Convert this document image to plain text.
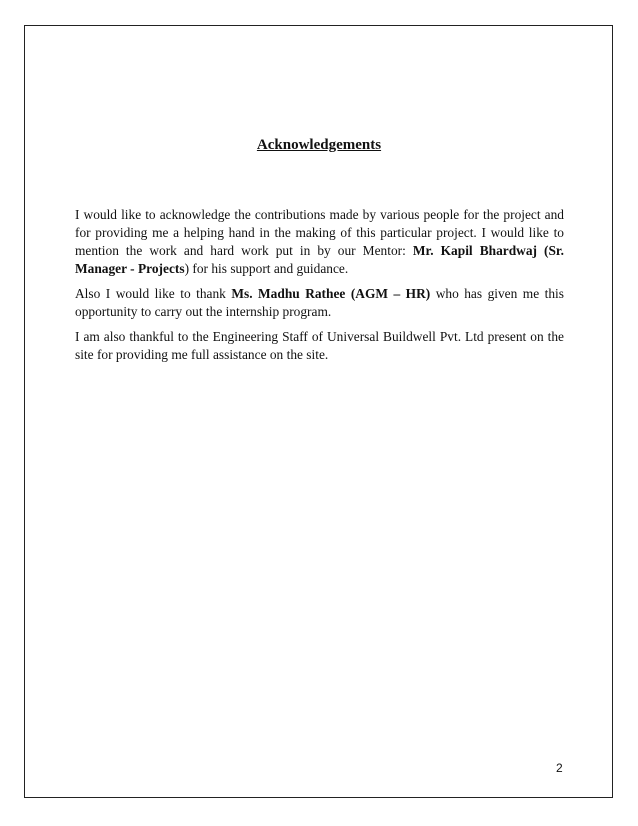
Acknowledgements

I would like to acknowledge the contributions made by various people for the project and for providing me a helping hand in the making of this particular project. I would like to mention the work and hard work put in by our Mentor: Mr. Kapil Bhardwaj (Sr. Manager - Projects) for his support and guidance.

Also I would like to thank Ms. Madhu Rathee (AGM – HR) who has given me this opportunity to carry out the internship program.

I am also thankful to the Engineering Staff of Universal Buildwell Pvt. Ltd present on the site for providing me full assistance on the site.

2
